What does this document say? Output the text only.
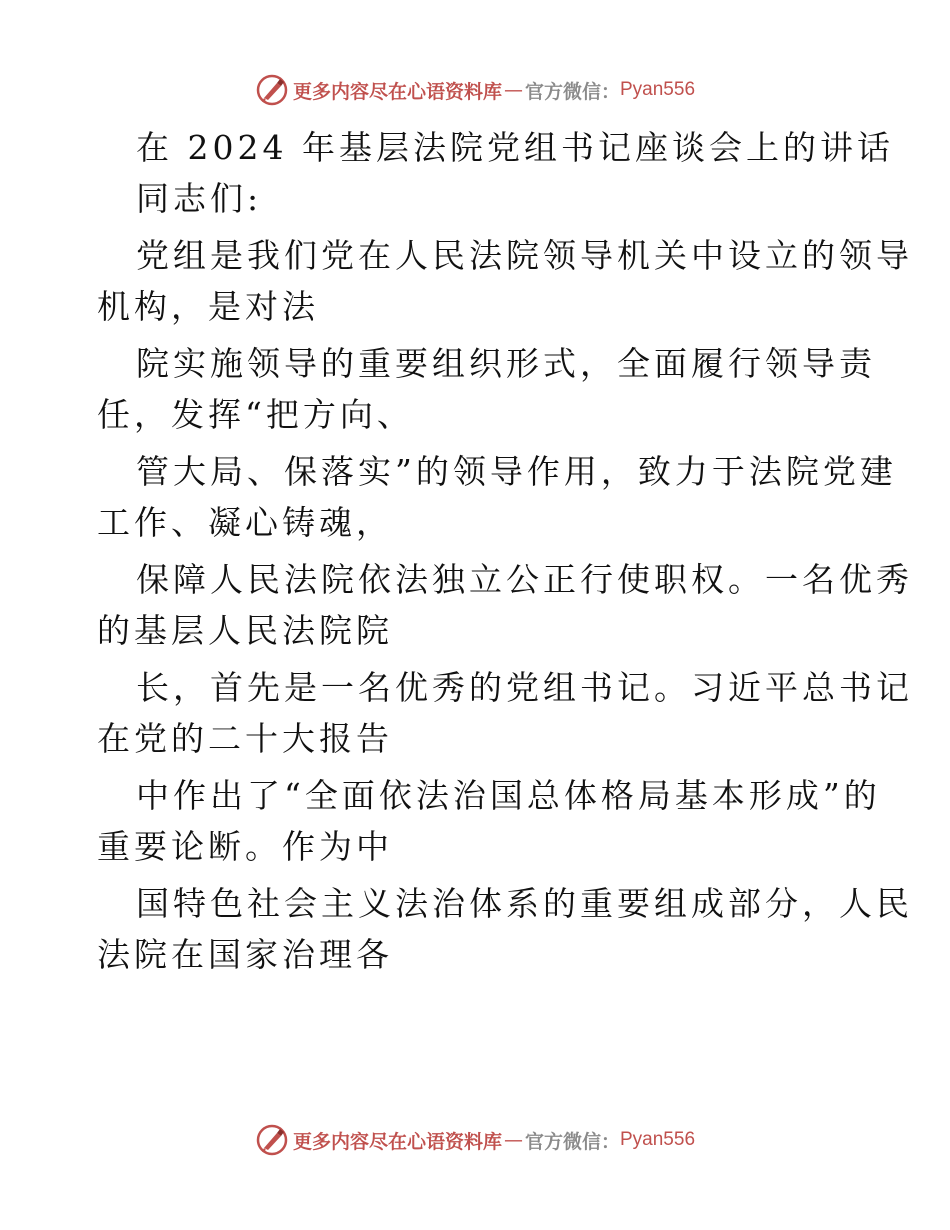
更多内容尽在心语资料库 — 官方微信： Pyan556
在 2024 年基层法院党组书记座谈会上的讲话
同志们:
党组是我们党在人民法院领导机关中设立的领导
机构，是对法
院实施领导的重要组织形式，全面履行领导责
任，发挥“把方向、
管大局、保落实”的领导作用，致力于法院党建
工作、凝心铸魂，
保障人民法院依法独立公正行使职权。一名优秀
的基层人民法院院
长，首先是一名优秀的党组书记。习近平总书记
在党的二十大报告
中作出了“全面依法治国总体格局基本形成”的
重要论断。作为中
国特色社会主义法治体系的重要组成部分，人民
法院在国家治理各
更多内容尽在心语资料库 — 官方微信： Pyan556
